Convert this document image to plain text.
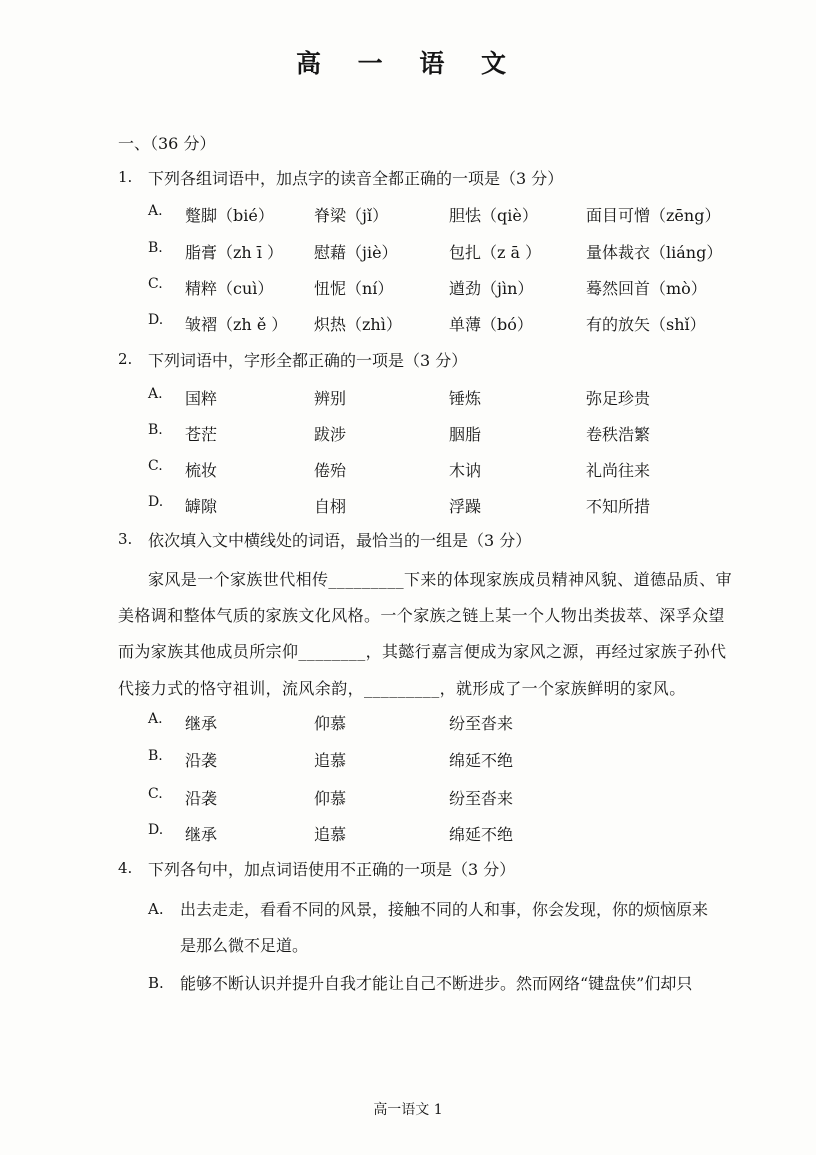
高 一 语 文
一、（36 分）
1. 下列各组词语中，加点字的读音全都正确的一项是（3 分）
A. 蹩脚（bié）	脊梁（jǐ）	胆怯（qiè）	面目可憎（zēng）
B. 脂膏（zh ī ） 慰藉（jiè）	包扎（z ā ）	量体裁衣（liáng）
C. 精粹（cuì）	忸怩（ní）	遒劲（jìn）	蓦然回首（mò）
D. 皱褶（zh ě ） 炽热（zhì）	单薄（bó）	有的放矢（shǐ）
2. 下列词语中，字形全都正确的一项是（3 分）
A. 国粹	辨别	锤炼	弥足珍贵
B. 苍茫	跋涉	胭脂	卷秩浩繁
C. 梳妆	倦殆	木讷	礼尚往来
D. 罅隙	自栩	浮躁	不知所措
3. 依次填入文中横线处的词语，最恰当的一组是（3 分）
家风是一个家族世代相传_________下来的体现家族成员精神风貌、道德品质、审
美格调和整体气质的家族文化风格。一个家族之链上某一个人物出类拔萃、深孚众望
而为家族其他成员所宗仰________，其懿行嘉言便成为家风之源，再经过家族子孙代
代接力式的恪守祖训，流风余韵，_________，就形成了一个家族鲜明的家风。
A. 继承	仰慕	纷至沓来
B. 沿袭	追慕	绵延不绝
C. 沿袭	仰慕	纷至沓来
D. 继承	追慕	绵延不绝
4. 下列各句中，加点词语使用不正确的一项是（3 分）
A. 出去走走，看看不同的风景，接触不同的人和事，你会发现，你的烦恼原来
是那么微不足道。
B. 能够不断认识并提升自我才能让自己不断进步。然而网络“键盘侠”们却只
高一语文 1
